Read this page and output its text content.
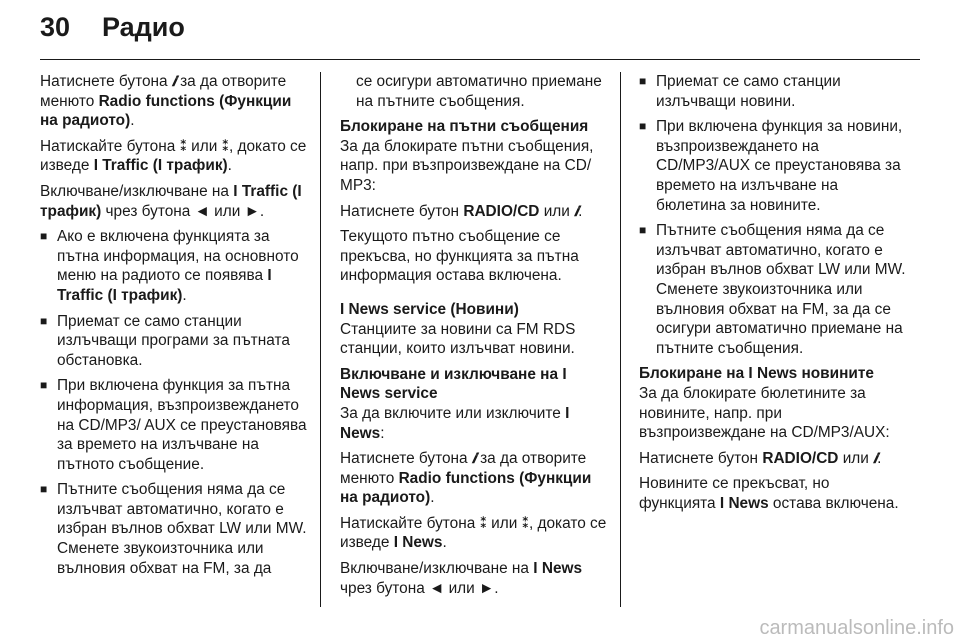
30 Радио

Натиснете бутона 𝒊 за да отворите менюто Radio functions (Функции на радиото).

Натискайте бутона ⁑ или ⁑, докато се изведе I Traffic (I трафик).

Включване/изключване на I Traffic (I трафик) чрез бутона ◄ или ►.

■ Ако е включена функцията за пътна информация, на основното меню на радиото се появява I Traffic (I трафик).

■ Приемат се само станции излъчващи програми за пътната обстановка.

■ При включена функция за пътна информация, възпроизвеждането на CD/MP3/ AUX се преустановява за времето на излъчване на пътното съобщение.

■ Пътните съобщения няма да се излъчват автоматично, когато е избран вълнов обхват LW или MW. Сменете звукоизточника или вълновия обхват на FM, за да

се осигури автоматично приемане на пътните съобщения.

Блокиране на пътни съобщения

За да блокирате пътни съобщения, напр. при възпроизвеждане на CD/ MP3:

Натиснете бутон RADIO/CD или 𝒊.

Текущото пътно съобщение се прекъсва, но функцията за пътна информация остава включена.

I News service (Новини)

Станциите за новини са FM RDS станции, които излъчват новини.

Включване и изключване на I News service

За да включите или изключите I News:

Натиснете бутона 𝒊 за да отворите менюто Radio functions (Функции на радиото).

Натискайте бутона ⁑ или ⁑, докато се изведе I News.

Включване/изключване на I News чрез бутона ◄ или ►.

■ Приемат се само станции излъчващи новини.

■ При включена функция за новини, възпроизвеждането на CD/MP3/AUX се преустановява за времето на излъчване на бюлетина за новините.

■ Пътните съобщения няма да се излъчват автоматично, когато е избран вълнов обхват LW или MW. Сменете звукоизточника или вълновия обхват на FM, за да се осигури автоматично приемане на пътните съобщения.

Блокиране на I News новините

За да блокирате бюлетините за новините, напр. при възпроизвеждане на CD/MP3/AUX:

Натиснете бутон RADIO/CD или 𝒊.

Новините се прекъсват, но функцията I News остава включена.

carmanualsonline.info
